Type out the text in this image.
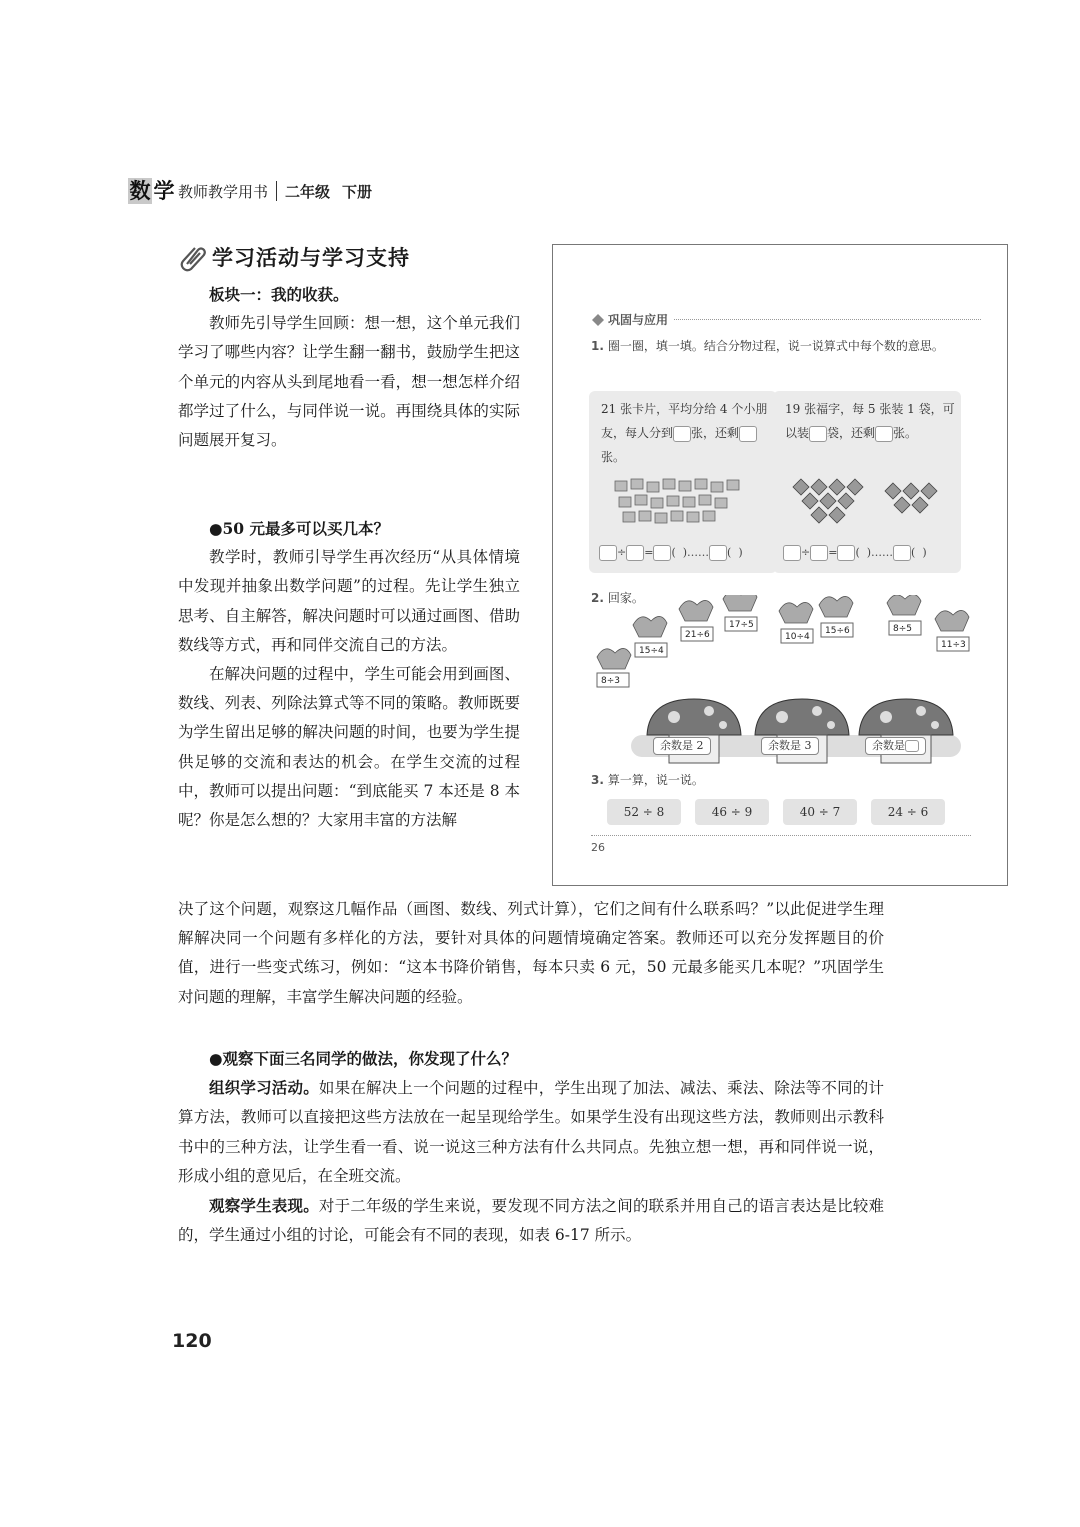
数 学 教师教学用书 二年级 下册
学习活动与学习支持

板块一：我的收获。

教师先引导学生回顾：想一想，这个单元我们学习了哪些内容？让学生翻一翻书，鼓励学生把这个单元的内容从头到尾地看一看，想一想怎样介绍都学过了什么，与同伴说一说。再围绕具体的实际问题展开复习。

●50 元最多可以买几本？

教学时，教师引导学生再次经历“从具体情境中发现并抽象出数学问题”的过程。先让学生独立思考、自主解答，解决问题时可以通过画图、借助数线等方式，再和同伴交流自己的方法。

在解决问题的过程中，学生可能会用到画图、数线、列表、列除法算式等不同的策略。教师既要为学生留出足够的解决问题的时间，也要为学生提供足够的交流和表达的机会。在学生交流的过程中，教师可以提出问题：“到底能买 7 本还是 8 本呢？你是怎么想的？大家用丰富的方法解

决了这个问题，观察这几幅作品（画图、数线、列式计算），它们之间有什么联系吗？”以此促进学生理解解决同一个问题有多样化的方法，要针对具体的问题情境确定答案。教师还可以充分发挥题目的价值，进行一些变式练习，例如：“这本书降价销售，每本只卖 6 元，50 元最多能买几本呢？”巩固学生对问题的理解，丰富学生解决问题的经验。

●观察下面三名同学的做法，你发现了什么？

组织学习活动。如果在解决上一个问题的过程中，学生出现了加法、减法、乘法、除法等不同的计算方法，教师可以直接把这些方法放在一起呈现给学生。如果学生没有出现这些方法，教师则出示教科书中的三种方法，让学生看一看、说一说这三种方法有什么共同点。先独立想一想，再和同伴说一说，形成小组的意见后，在全班交流。

观察学生表现。对于二年级的学生来说，要发现不同方法之间的联系并用自己的语言表达是比较难的，学生通过小组的讨论，可能会有不同的表现，如表 6-17 所示。

巩固与应用
1. 圈一圈，填一填。结合分物过程，说一说算式中每个数的意思。
21 张卡片，平均分给 4 个小朋友，每人分到 张，还剩张。
÷ = ( )…… ( )
19 张福字，每 5 张装 1 袋，可以装 袋，还剩 张。
÷ = ( )…… ( )
2. 回家。
8÷3
15÷4
21÷6
17÷5
10÷4
15÷6	8÷5
11÷3
余数是 2	余数是 3	余数是
3. 算一算，说一说。
52 ÷ 8	46 ÷ 9	40 ÷ 7	24 ÷ 6
26
120
